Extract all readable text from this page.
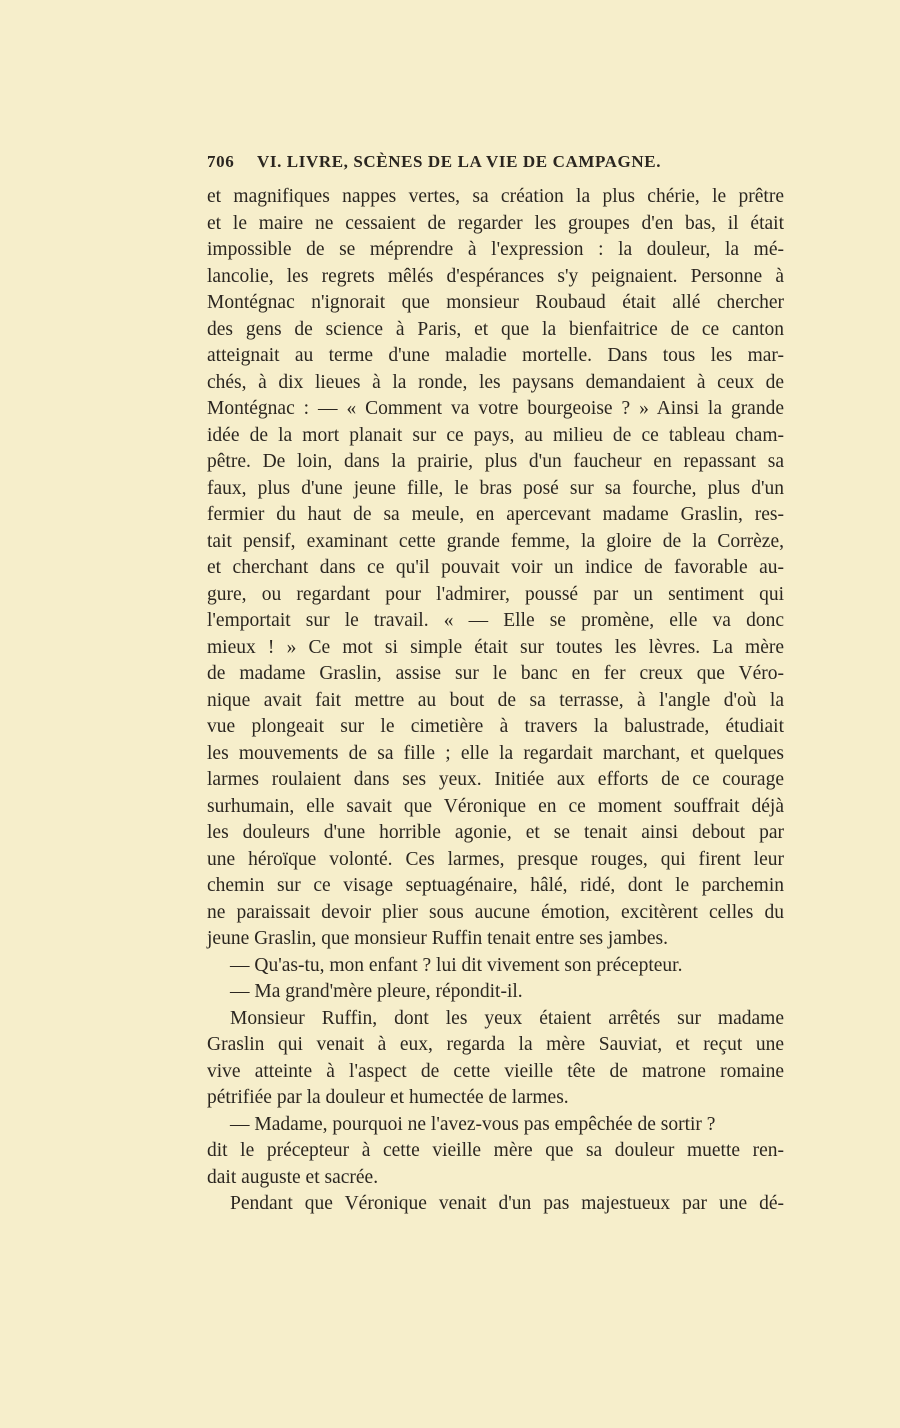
706 VI. LIVRE, SCÈNES DE LA VIE DE CAMPAGNE.
et magnifiques nappes vertes, sa création la plus chérie, le prêtre
et le maire ne cessaient de regarder les groupes d'en bas, il était
impossible de se méprendre à l'expression : la douleur, la mé-
lancolie, les regrets mêlés d'espérances s'y peignaient. Personne à
Montégnac n'ignorait que monsieur Roubaud était allé chercher
des gens de science à Paris, et que la bienfaitrice de ce canton
atteignait au terme d'une maladie mortelle. Dans tous les mar-
chés, à dix lieues à la ronde, les paysans demandaient à ceux de
Montégnac : — « Comment va votre bourgeoise ? » Ainsi la grande
idée de la mort planait sur ce pays, au milieu de ce tableau cham-
pêtre. De loin, dans la prairie, plus d'un faucheur en repassant sa
faux, plus d'une jeune fille, le bras posé sur sa fourche, plus d'un
fermier du haut de sa meule, en apercevant madame Graslin, res-
tait pensif, examinant cette grande femme, la gloire de la Corrèze,
et cherchant dans ce qu'il pouvait voir un indice de favorable au-
gure, ou regardant pour l'admirer, poussé par un sentiment qui
l'emportait sur le travail. « — Elle se promène, elle va donc
mieux ! » Ce mot si simple était sur toutes les lèvres. La mère
de madame Graslin, assise sur le banc en fer creux que Véro-
nique avait fait mettre au bout de sa terrasse, à l'angle d'où la
vue plongeait sur le cimetière à travers la balustrade, étudiait
les mouvements de sa fille ; elle la regardait marchant, et quelques
larmes roulaient dans ses yeux. Initiée aux efforts de ce courage
surhumain, elle savait que Véronique en ce moment souffrait déjà
les douleurs d'une horrible agonie, et se tenait ainsi debout par
une héroïque volonté. Ces larmes, presque rouges, qui firent leur
chemin sur ce visage septuagénaire, hâlé, ridé, dont le parchemin
ne paraissait devoir plier sous aucune émotion, excitèrent celles du
jeune Graslin, que monsieur Ruffin tenait entre ses jambes.
— Qu'as-tu, mon enfant ? lui dit vivement son précepteur.
— Ma grand'mère pleure, répondit-il.
Monsieur Ruffin, dont les yeux étaient arrêtés sur madame
Graslin qui venait à eux, regarda la mère Sauviat, et reçut une
vive atteinte à l'aspect de cette vieille tête de matrone romaine
pétrifiée par la douleur et humectée de larmes.
— Madame, pourquoi ne l'avez-vous pas empêchée de sortir ?
dit le précepteur à cette vieille mère que sa douleur muette ren-
dait auguste et sacrée.
Pendant que Véronique venait d'un pas majestueux par une dé-
